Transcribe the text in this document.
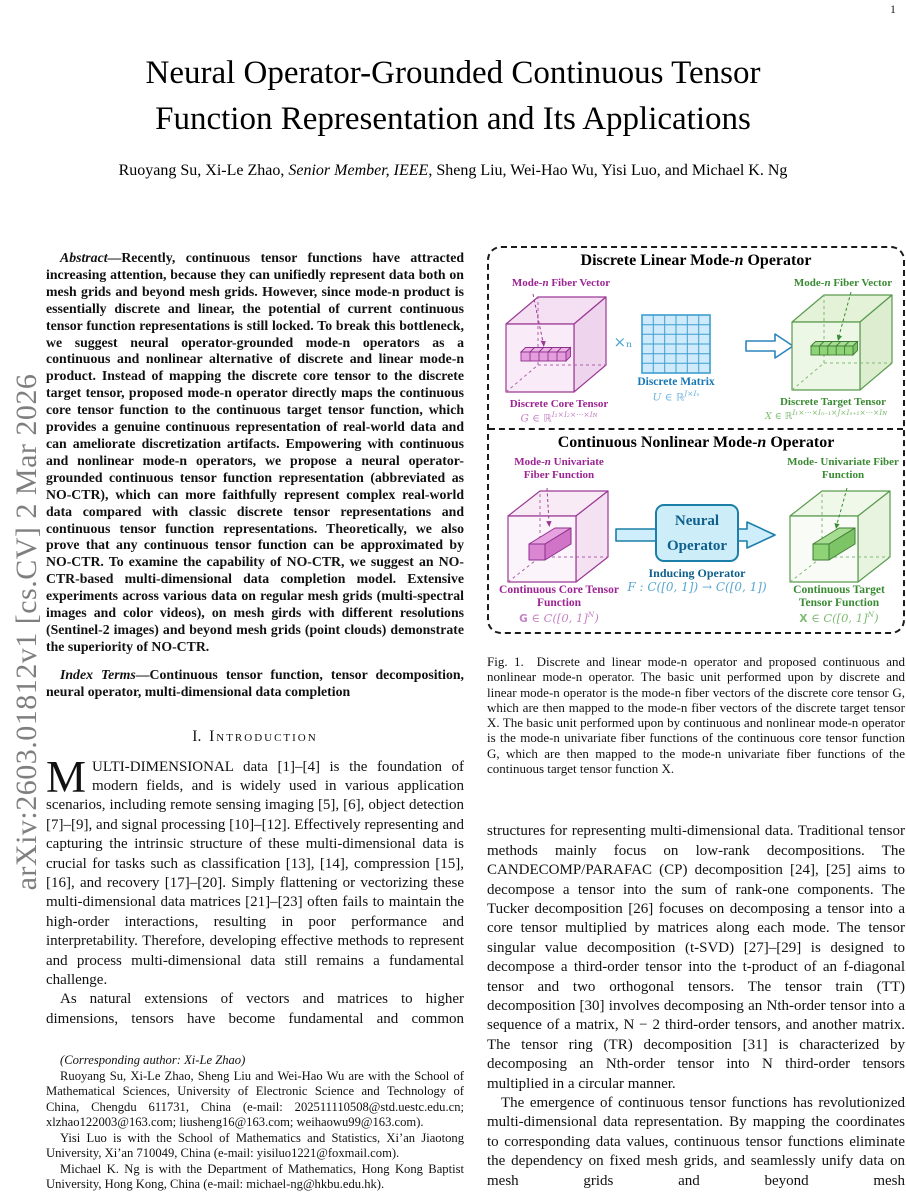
1
arXiv:2603.01812v1 [cs.CV] 2 Mar 2026
Neural Operator-Grounded Continuous Tensor
Function Representation and Its Applications
Ruoyang Su, Xi-Le Zhao, Senior Member, IEEE, Sheng Liu, Wei-Hao Wu, Yisi Luo, and Michael K. Ng

Abstract—Recently, continuous tensor functions have attracted increasing attention, because they can unifiedly represent data both on mesh grids and beyond mesh grids. However, since mode-n product is essentially discrete and linear, the potential of current continuous tensor function representations is still locked. To break this bottleneck, we suggest neural operator-grounded mode-n operators as a continuous and nonlinear alternative of discrete and linear mode-n product. Instead of mapping the discrete core tensor to the discrete target tensor, proposed mode-n operator directly maps the continuous core tensor function to the continuous target tensor function, which provides a genuine continuous representation of real-world data and can ameliorate discretization artifacts. Empowering with continuous and nonlinear mode-n operators, we propose a neural operator-grounded continuous tensor function representation (abbreviated as NO-CTR), which can more faithfully represent complex real-world data compared with classic discrete tensor representations and continuous tensor function representations. Theoretically, we also prove that any continuous tensor function can be approximated by NO-CTR. To examine the capability of NO-CTR, we suggest an NO-CTR-based multi-dimensional data completion model. Extensive experiments across various data on regular mesh grids (multi-spectral images and color videos), on mesh girds with different resolutions (Sentinel-2 images) and beyond mesh grids (point clouds) demonstrate the superiority of NO-CTR.

Index Terms—Continuous tensor function, tensor decomposition, neural operator, multi-dimensional data completion

I. Introduction

MULTI-DIMENSIONAL data [1]–[4] is the foundation of modern fields, and is widely used in various application scenarios, including remote sensing imaging [5], [6], object detection [7]–[9], and signal processing [10]–[12]. Effectively representing and capturing the intrinsic structure of these multi-dimensional data is crucial for tasks such as classification [13], [14], compression [15], [16], and recovery [17]–[20]. Simply flattening or vectorizing these multi-dimensional data matrices [21]–[23] often fails to maintain the high-order interactions, resulting in poor performance and interpretability. Therefore, developing effective methods to represent and process multi-dimensional data still remains a fundamental challenge.

As natural extensions of vectors and matrices to higher dimensions, tensors have become fundamental and common

(Corresponding author: Xi-Le Zhao)

Ruoyang Su, Xi-Le Zhao, Sheng Liu and Wei-Hao Wu are with the School of Mathematical Sciences, University of Electronic Science and Technology of China, Chengdu 611731, China (e-mail: 202511110508@std.uestc.edu.cn; xlzhao122003@163.com; liusheng16@163.com; weihaowu99@163.com).

Yisi Luo is with the School of Mathematics and Statistics, Xi’an Jiaotong University, Xi’an 710049, China (e-mail: yisiluo1221@foxmail.com).

Michael K. Ng is with the Department of Mathematics, Hong Kong Baptist University, Hong Kong, China (e-mail: michael-ng@hkbu.edu.hk).

Discrete Linear Mode-n Operator
Mode-n Fiber Vector	Mode-n Fiber Vector
×ₙ
Discrete Matrix
U ∈ ℝ$^{J\times I_n}$
Discrete Core Tensor
G ∈ ℝ$^{I_1\times I_2\times\cdot\cdot\cdot\times Iɴ}$
Discrete Target Tensor
X ∈ ℝ$^{I_1\times\cdot\cdot\cdot\times I_{n-1}\times J\times I_{n+1}\times\cdot\cdot\cdot\times Iɴ}$
Continuous Nonlinear Mode-n Operator
Mode-n Univariate Fiber Function
Mode- Univariate Fiber Function
Neural
Operator
Inducing Operator
F : C([0, 1]) → C([0, 1])
Continuous Core Tensor Function
G ∈ C([0, 1]$^N$)
Continuous Target Tensor Function
X ∈ C([0, 1]$^N$)

Fig. 1. Discrete and linear mode-n operator and proposed continuous and nonlinear mode-n operator. The basic unit performed upon by discrete and linear mode-n operator is the mode-n fiber vectors of the discrete core tensor G, which are then mapped to the mode-n fiber vectors of the discrete target tensor X. The basic unit performed upon by continuous and nonlinear mode-n operator is the mode-n univariate fiber functions of the continuous core tensor function G, which are then mapped to the mode-n univariate fiber functions of the continuous target tensor function X.

structures for representing multi-dimensional data. Traditional tensor methods mainly focus on low-rank decompositions. The CANDECOMP/PARAFAC (CP) decomposition [24], [25] aims to decompose a tensor into the sum of rank-one components. The Tucker decomposition [26] focuses on decomposing a tensor into a core tensor multiplied by matrices along each mode. The tensor singular value decomposition (t-SVD) [27]–[29] is designed to decompose a third-order tensor into the t-product of an f-diagonal tensor and two orthogonal tensors. The tensor train (TT) decomposition [30] involves decomposing an Nth-order tensor into a sequence of a matrix, N − 2 third-order tensors, and another matrix. The tensor ring (TR) decomposition [31] is characterized by decomposing an Nth-order tensor into N third-order tensors multiplied in a circular manner.

The emergence of continuous tensor functions has revolutionized multi-dimensional data representation. By mapping the coordinates to corresponding data values, continuous tensor functions eliminate the dependency on fixed mesh grids, and seamlessly unify data on mesh grids and beyond mesh
